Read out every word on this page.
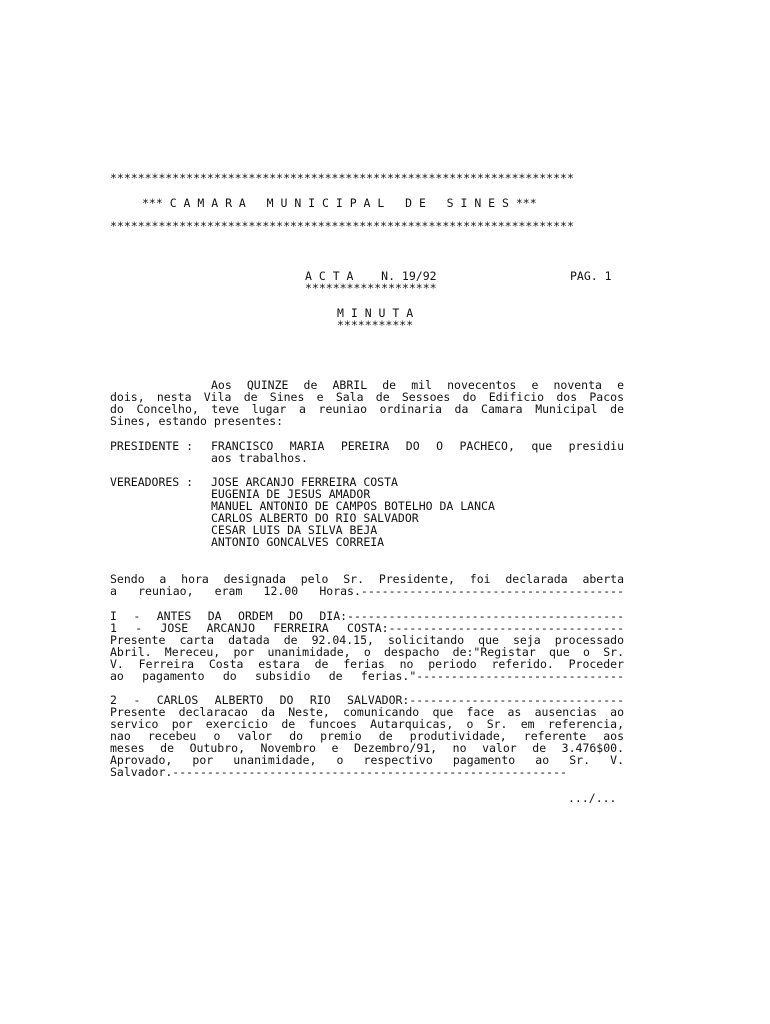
*******************************************************************
*** C A M A R A   M U N I C I P A L   D E   S I N E S ***
*******************************************************************
A C T A    N. 19/92	PAG. 1
*******************
M I N U T A
***********
Aos QUINZE de ABRIL de mil novecentos e noventa e
dois, nesta Vila de Sines e Sala de Sessoes do Edificio dos Pacos
do Concelho, teve lugar a reuniao ordinaria da Camara Municipal de
Sines, estando presentes:
PRESIDENTE : FRANCISCO MARIA PEREIRA DO O PACHECO, que presidiu
aos trabalhos.
VEREADORES : JOSE ARCANJO FERREIRA COSTA
EUGENIA DE JESUS AMADOR
MANUEL ANTONIO DE CAMPOS BOTELHO DA LANCA
CARLOS ALBERTO DO RIO SALVADOR
CESAR LUIS DA SILVA BEJA
ANTONIO GONCALVES CORREIA
Sendo a hora designada pelo Sr. Presidente, foi declarada aberta
a reuniao, eram 12.00 Horas.--------------------------------------
I - ANTES DA ORDEM DO DIA:----------------------------------------
1 - JOSE ARCANJO FERREIRA COSTA:----------------------------------
Presente carta datada de 92.04.15, solicitando que seja processado
Abril. Mereceu, por unanimidade, o despacho de:"Registar que o Sr.
V. Ferreira Costa estara de ferias no periodo referido. Proceder
ao pagamento do subsidio de ferias."------------------------------
2 - CARLOS ALBERTO DO RIO SALVADOR:-------------------------------
Presente declaracao da Neste, comunicando que face as ausencias ao
servico por exercicio de funcoes Autarquicas, o Sr. em referencia,
nao recebeu o valor do premio de produtividade, referente aos
meses de Outubro, Novembro e Dezembro/91, no valor de 3.476$00.
Aprovado, por unanimidade, o respectivo pagamento ao Sr. V.
Salvador.---------------------------------------------------------
.../...
